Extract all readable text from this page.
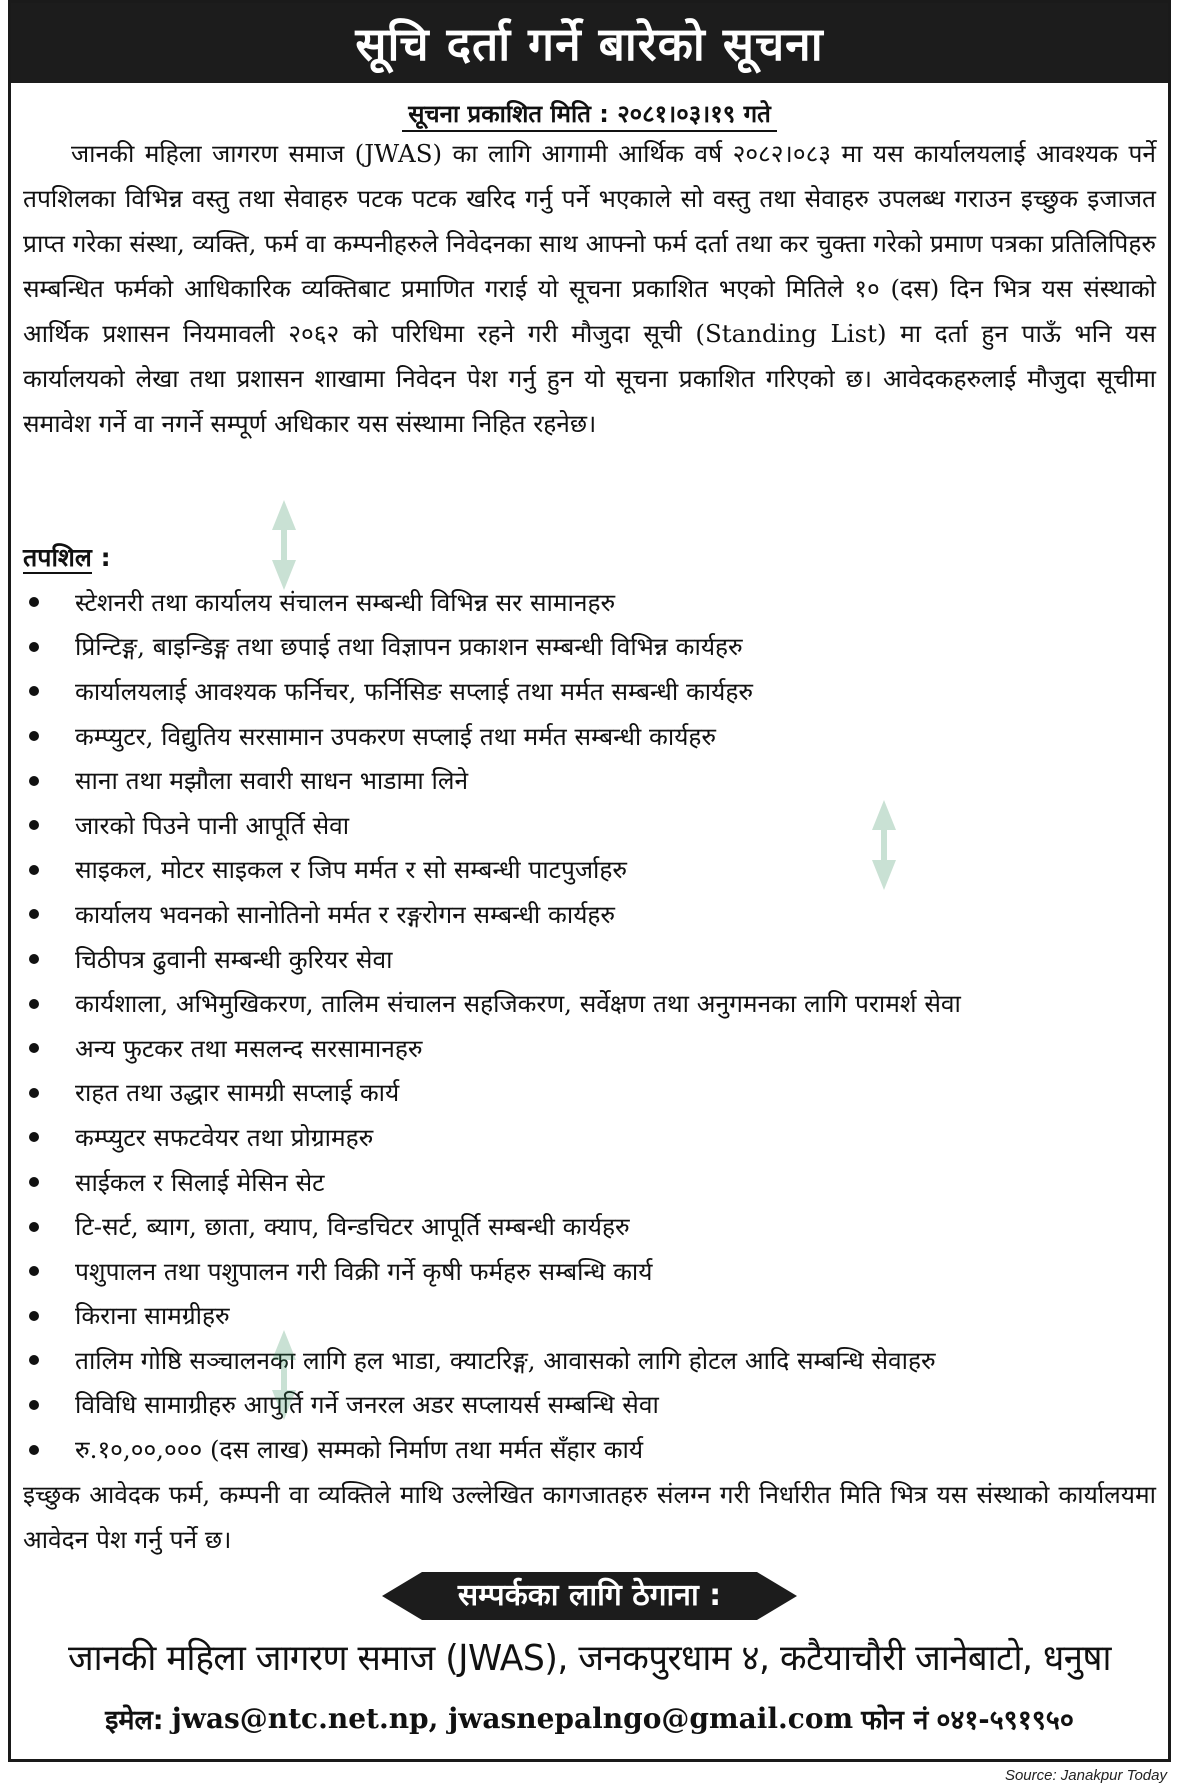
सूचि दर्ता गर्ने बारेको सूचना
सूचना प्रकाशित मिति : २०८१।०३।१९ गते

जानकी महिला जागरण समाज (JWAS) का लागि आगामी आर्थिक वर्ष २०८२।०८३ मा यस कार्यालयलाई आवश्यक पर्ने तपशिलका विभिन्न वस्तु तथा सेवाहरु पटक पटक खरिद गर्नु पर्ने भएकाले सो वस्तु तथा सेवाहरु उपलब्ध गराउन इच्छुक इजाजत प्राप्त गरेका संस्था, व्यक्ति, फर्म वा कम्पनीहरुले निवेदनका साथ आफ्नो फर्म दर्ता तथा कर चुक्ता गरेको प्रमाण पत्रका प्रतिलिपिहरु सम्बन्धित फर्मको आधिकारिक व्यक्तिबाट प्रमाणित गराई यो सूचना प्रकाशित भएको मितिले १० (दस) दिन भित्र यस संस्थाको आर्थिक प्रशासन नियमावली २०६२ को परिधिमा रहने गरी मौजुदा सूची (Standing List) मा दर्ता हुन पाऊँ भनि यस कार्यालयको लेखा तथा प्रशासन शाखामा निवेदन पेश गर्नु हुन यो सूचना प्रकाशित गरिएको छ। आवेदकहरुलाई मौजुदा सूचीमा समावेश गर्ने वा नगर्ने सम्पूर्ण अधिकार यस संस्थामा निहित रहनेछ।

तपशिल :
स्टेशनरी तथा कार्यालय संचालन सम्बन्धी विभिन्न सर सामानहरु
प्रिन्टिङ्ग, बाइन्डिङ्ग तथा छपाई तथा विज्ञापन प्रकाशन सम्बन्धी विभिन्न कार्यहरु
कार्यालयलाई आवश्यक फर्निचर, फर्निसिङ सप्लाई तथा मर्मत सम्बन्धी कार्यहरु
कम्प्युटर, विद्युतिय सरसामान उपकरण सप्लाई तथा मर्मत सम्बन्धी कार्यहरु
साना तथा मझौला सवारी साधन भाडामा लिने
जारको पिउने पानी आपूर्ति सेवा
साइकल, मोटर साइकल र जिप मर्मत र सो सम्बन्धी पाटपुर्जाहरु
कार्यालय भवनको सानोतिनो मर्मत र रङ्गरोगन सम्बन्धी कार्यहरु
चिठीपत्र ढुवानी सम्बन्धी कुरियर सेवा
कार्यशाला, अभिमुखिकरण, तालिम संचालन सहजिकरण, सर्वेक्षण तथा अनुगमनका लागि परामर्श सेवा
अन्य फुटकर तथा मसलन्द सरसामानहरु
राहत तथा उद्धार सामग्री सप्लाई कार्य
कम्प्युटर सफटवेयर तथा प्रोग्रामहरु
साईकल र सिलाई मेसिन सेट
टि-सर्ट, ब्याग, छाता, क्याप, विन्डचिटर आपूर्ति सम्बन्धी कार्यहरु
पशुपालन तथा पशुपालन गरी विक्री गर्ने कृषी फर्महरु सम्बन्धि कार्य
किराना सामग्रीहरु
तालिम गोष्ठि सञ्चालनका लागि हल भाडा, क्याटरिङ्ग, आवासको लागि होटल आदि सम्बन्धि सेवाहरु
विविधि सामाग्रीहरु आपुर्ति गर्ने जनरल अडर सप्लायर्स सम्बन्धि सेवा
रु.१०,००,००० (दस लाख) सम्मको निर्माण तथा मर्मत सँहार कार्य

इच्छुक आवेदक फर्म, कम्पनी वा व्यक्तिले माथि उल्लेखित कागजातहरु संलग्न गरी निर्धारीत मिति भित्र यस संस्थाको कार्यालयमा आवेदन पेश गर्नु पर्ने छ।

सम्पर्कका लागि ठेगाना :
जानकी महिला जागरण समाज (JWAS), जनकपुरधाम ४, कटैयाचौरी जानेबाटो, धनुषा
इमेल: jwas@ntc.net.np, jwasnepalngo@gmail.com फोन नं ०४१-५९१९५०
Source: Janakpur Today
